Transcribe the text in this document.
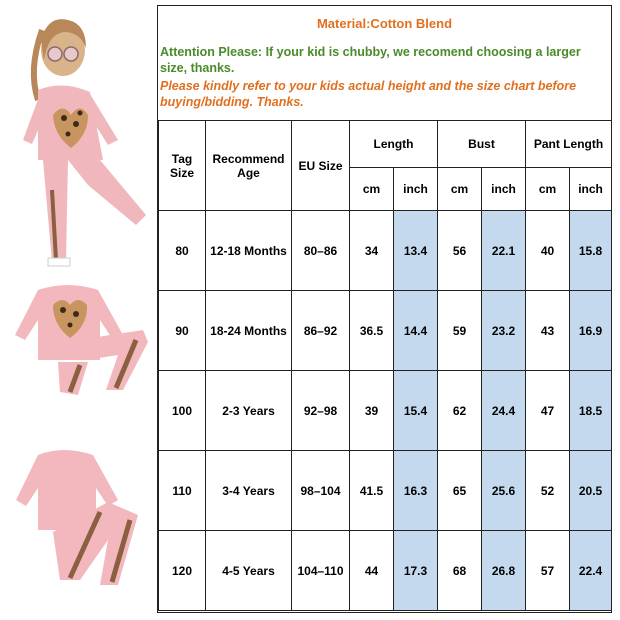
Material:Cotton Blend
Attention Please: If your kid is chubby, we recomend choosing a larger size, thanks.
Please kindly refer to your kids actual height and the size chart before buying/bidding. Thanks.
Tag Size	Recommend Age	EU Size	Length		Bust		Pant Length	
			cm	inch	cm	inch	cm	inch
80	12-18 Months	80–86	34	13.4	56	22.1	40	15.8
90	18-24 Months	86–92	36.5	14.4	59	23.2	43	16.9
100	2-3 Years	92–98	39	15.4	62	24.4	47	18.5
110	3-4 Years	98–104	41.5	16.3	65	25.6	52	20.5
120	4-5 Years	104–110	44	17.3	68	26.8	57	22.4
